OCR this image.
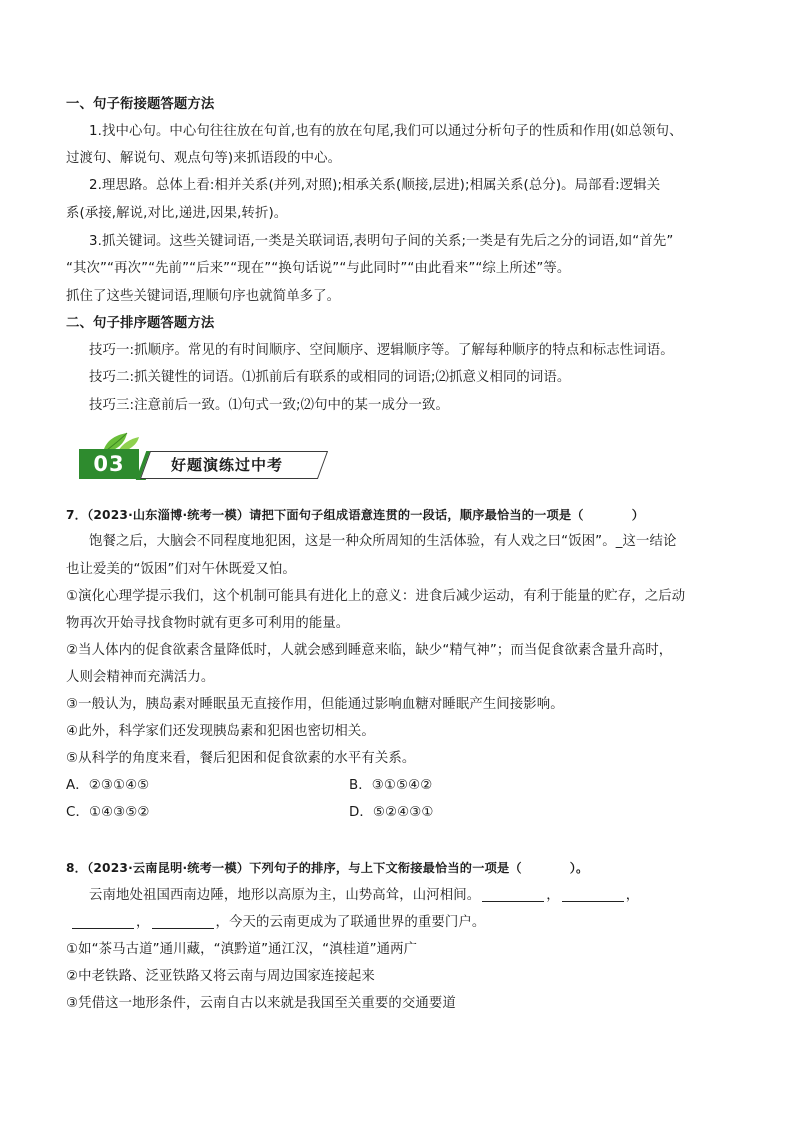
一、句子衔接题答题方法
1.找中心句。中心句往往放在句首,也有的放在句尾,我们可以通过分析句子的性质和作用(如总领句、
过渡句、解说句、观点句等)来抓语段的中心。
2.理思路。总体上看:相并关系(并列,对照);相承关系(顺接,层进);相属关系(总分)。局部看:逻辑关
系(承接,解说,对比,递进,因果,转折)。
3.抓关键词。这些关键词语,一类是关联词语,表明句子间的关系;一类是有先后之分的词语,如“首先”
“其次”“再次”“先前”“后来”“现在”“换句话说”“与此同时”“由此看来”“综上所述”等。
抓住了这些关键词语,理顺句序也就简单多了。
二、句子排序题答题方法
技巧一:抓顺序。常见的有时间顺序、空间顺序、逻辑顺序等。了解每种顺序的特点和标志性词语。
技巧二:抓关键性的词语。⑴抓前后有联系的或相同的词语;⑵抓意义相同的词语。
技巧三:注意前后一致。⑴句式一致;⑵句中的某一成分一致。
03	好题演练过中考
7．（2023·山东淄博·统考一模）请把下面句子组成语意连贯的一段话，顺序最恰当的一项是（	）
饱餐之后，大脑会不同程度地犯困，这是一种众所周知的生活体验，有人戏之曰“饭困”。_这一结论
也让爱美的“饭困”们对午休既爱又怕。
①演化心理学提示我们，这个机制可能具有进化上的意义：进食后减少运动，有利于能量的贮存，之后动
物再次开始寻找食物时就有更多可利用的能量。
②当人体内的促食欲素含量降低时，人就会感到睡意来临，缺少“精气神”；而当促食欲素含量升高时，
人则会精神而充满活力。
③一般认为，胰岛素对睡眠虽无直接作用，但能通过影响血糖对睡眠产生间接影响。
④此外，科学家们还发现胰岛素和犯困也密切相关。
⑤从科学的角度来看，餐后犯困和促食欲素的水平有关系。
A．②③①④⑤	B．③①⑤④②
C．①④③⑤②	D．⑤②④③①
8．（2023·云南昆明·统考一模）下列句子的排序，与上下文衔接最恰当的一项是（	）。
云南地处祖国西南边陲，地形以高原为主，山势高耸，山河相间。	，	，
，	，今天的云南更成为了联通世界的重要门户。
①如“茶马古道”通川藏，“滇黔道”通江汉，“滇桂道”通两广
②中老铁路、泛亚铁路又将云南与周边国家连接起来
③凭借这一地形条件，云南自古以来就是我国至关重要的交通要道
